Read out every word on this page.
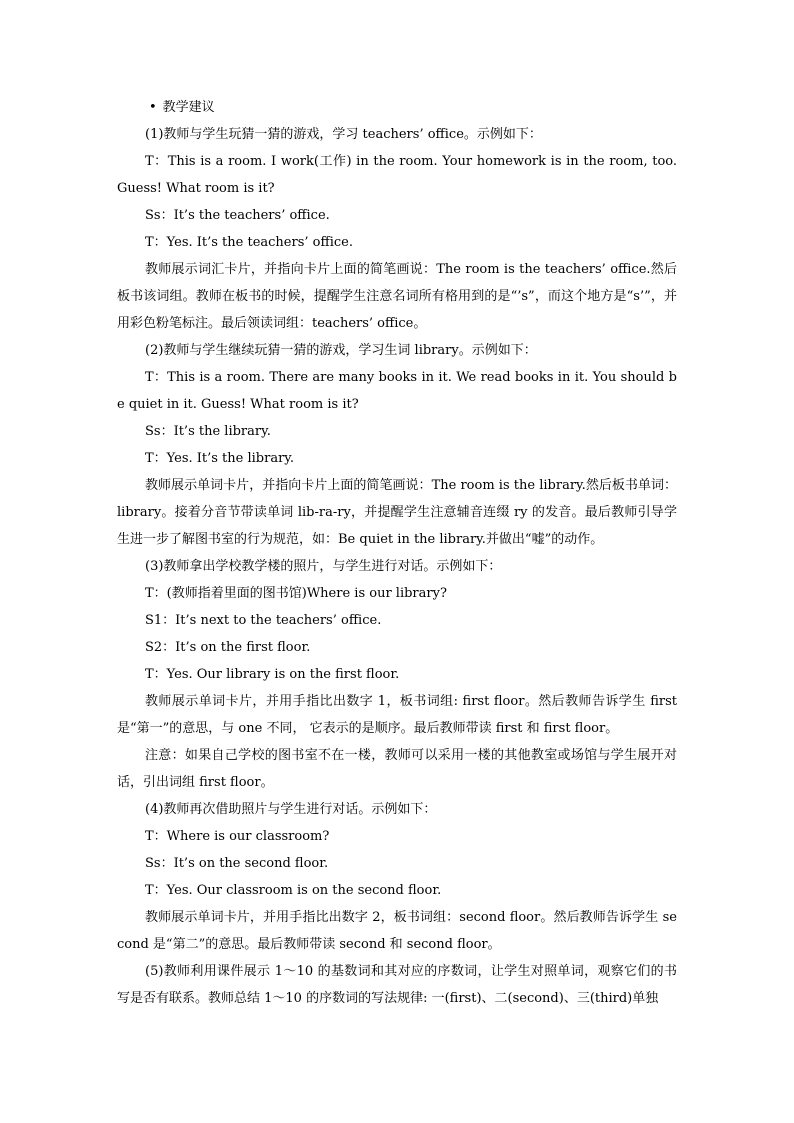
• 教学建议

(1)教师与学生玩猜一猜的游戏，学习 teachers’ office。示例如下：

T：This is a room. I work(工作) in the room. Your homework is in the room, too. Guess! What room is it?

Ss：It’s the teachers’ office.

T：Yes. It’s the teachers’ office.

教师展示词汇卡片，并指向卡片上面的简笔画说：The room is the teachers’ office.然后板书该词组。教师在板书的时候，提醒学生注意名词所有格用到的是“’s”，而这个地方是“s’”，并用彩色粉笔标注。最后领读词组：teachers’ office。

(2)教师与学生继续玩猜一猜的游戏，学习生词 library。示例如下：

T：This is a room. There are many books in it. We read books in it. You should be quiet in it. Guess! What room is it?

Ss：It’s the library.

T：Yes. It’s the library.

教师展示单词卡片，并指向卡片上面的简笔画说：The room is the library.然后板书单词：library。接着分音节带读单词 lib-ra-ry，并提醒学生注意辅音连缀 ry 的发音。最后教师引导学生进一步了解图书室的行为规范，如：Be quiet in the library.并做出“嘘”的动作。

(3)教师拿出学校教学楼的照片，与学生进行对话。示例如下：

T：(教师指着里面的图书馆)Where is our library?

S1：It’s next to the teachers’ office.

S2：It’s on the first floor.

T：Yes. Our library is on the first floor.

教师展示单词卡片，并用手指比出数字 1，板书词组: first floor。然后教师告诉学生 first 是“第一”的意思，与 one 不同， 它表示的是顺序。最后教师带读 first 和 first floor。

注意：如果自己学校的图书室不在一楼，教师可以采用一楼的其他教室或场馆与学生展开对话，引出词组 first floor。

(4)教师再次借助照片与学生进行对话。示例如下：

T：Where is our classroom?

Ss：It’s on the second floor.

T：Yes. Our classroom is on the second floor.

教师展示单词卡片，并用手指比出数字 2，板书词组：second floor。然后教师告诉学生 second 是“第二”的意思。最后教师带读 second 和 second floor。

(5)教师利用课件展示 1～10 的基数词和其对应的序数词，让学生对照单词，观察它们的书写是否有联系。教师总结 1～10 的序数词的写法规律: 一(first)、二(second)、三(third)单独
